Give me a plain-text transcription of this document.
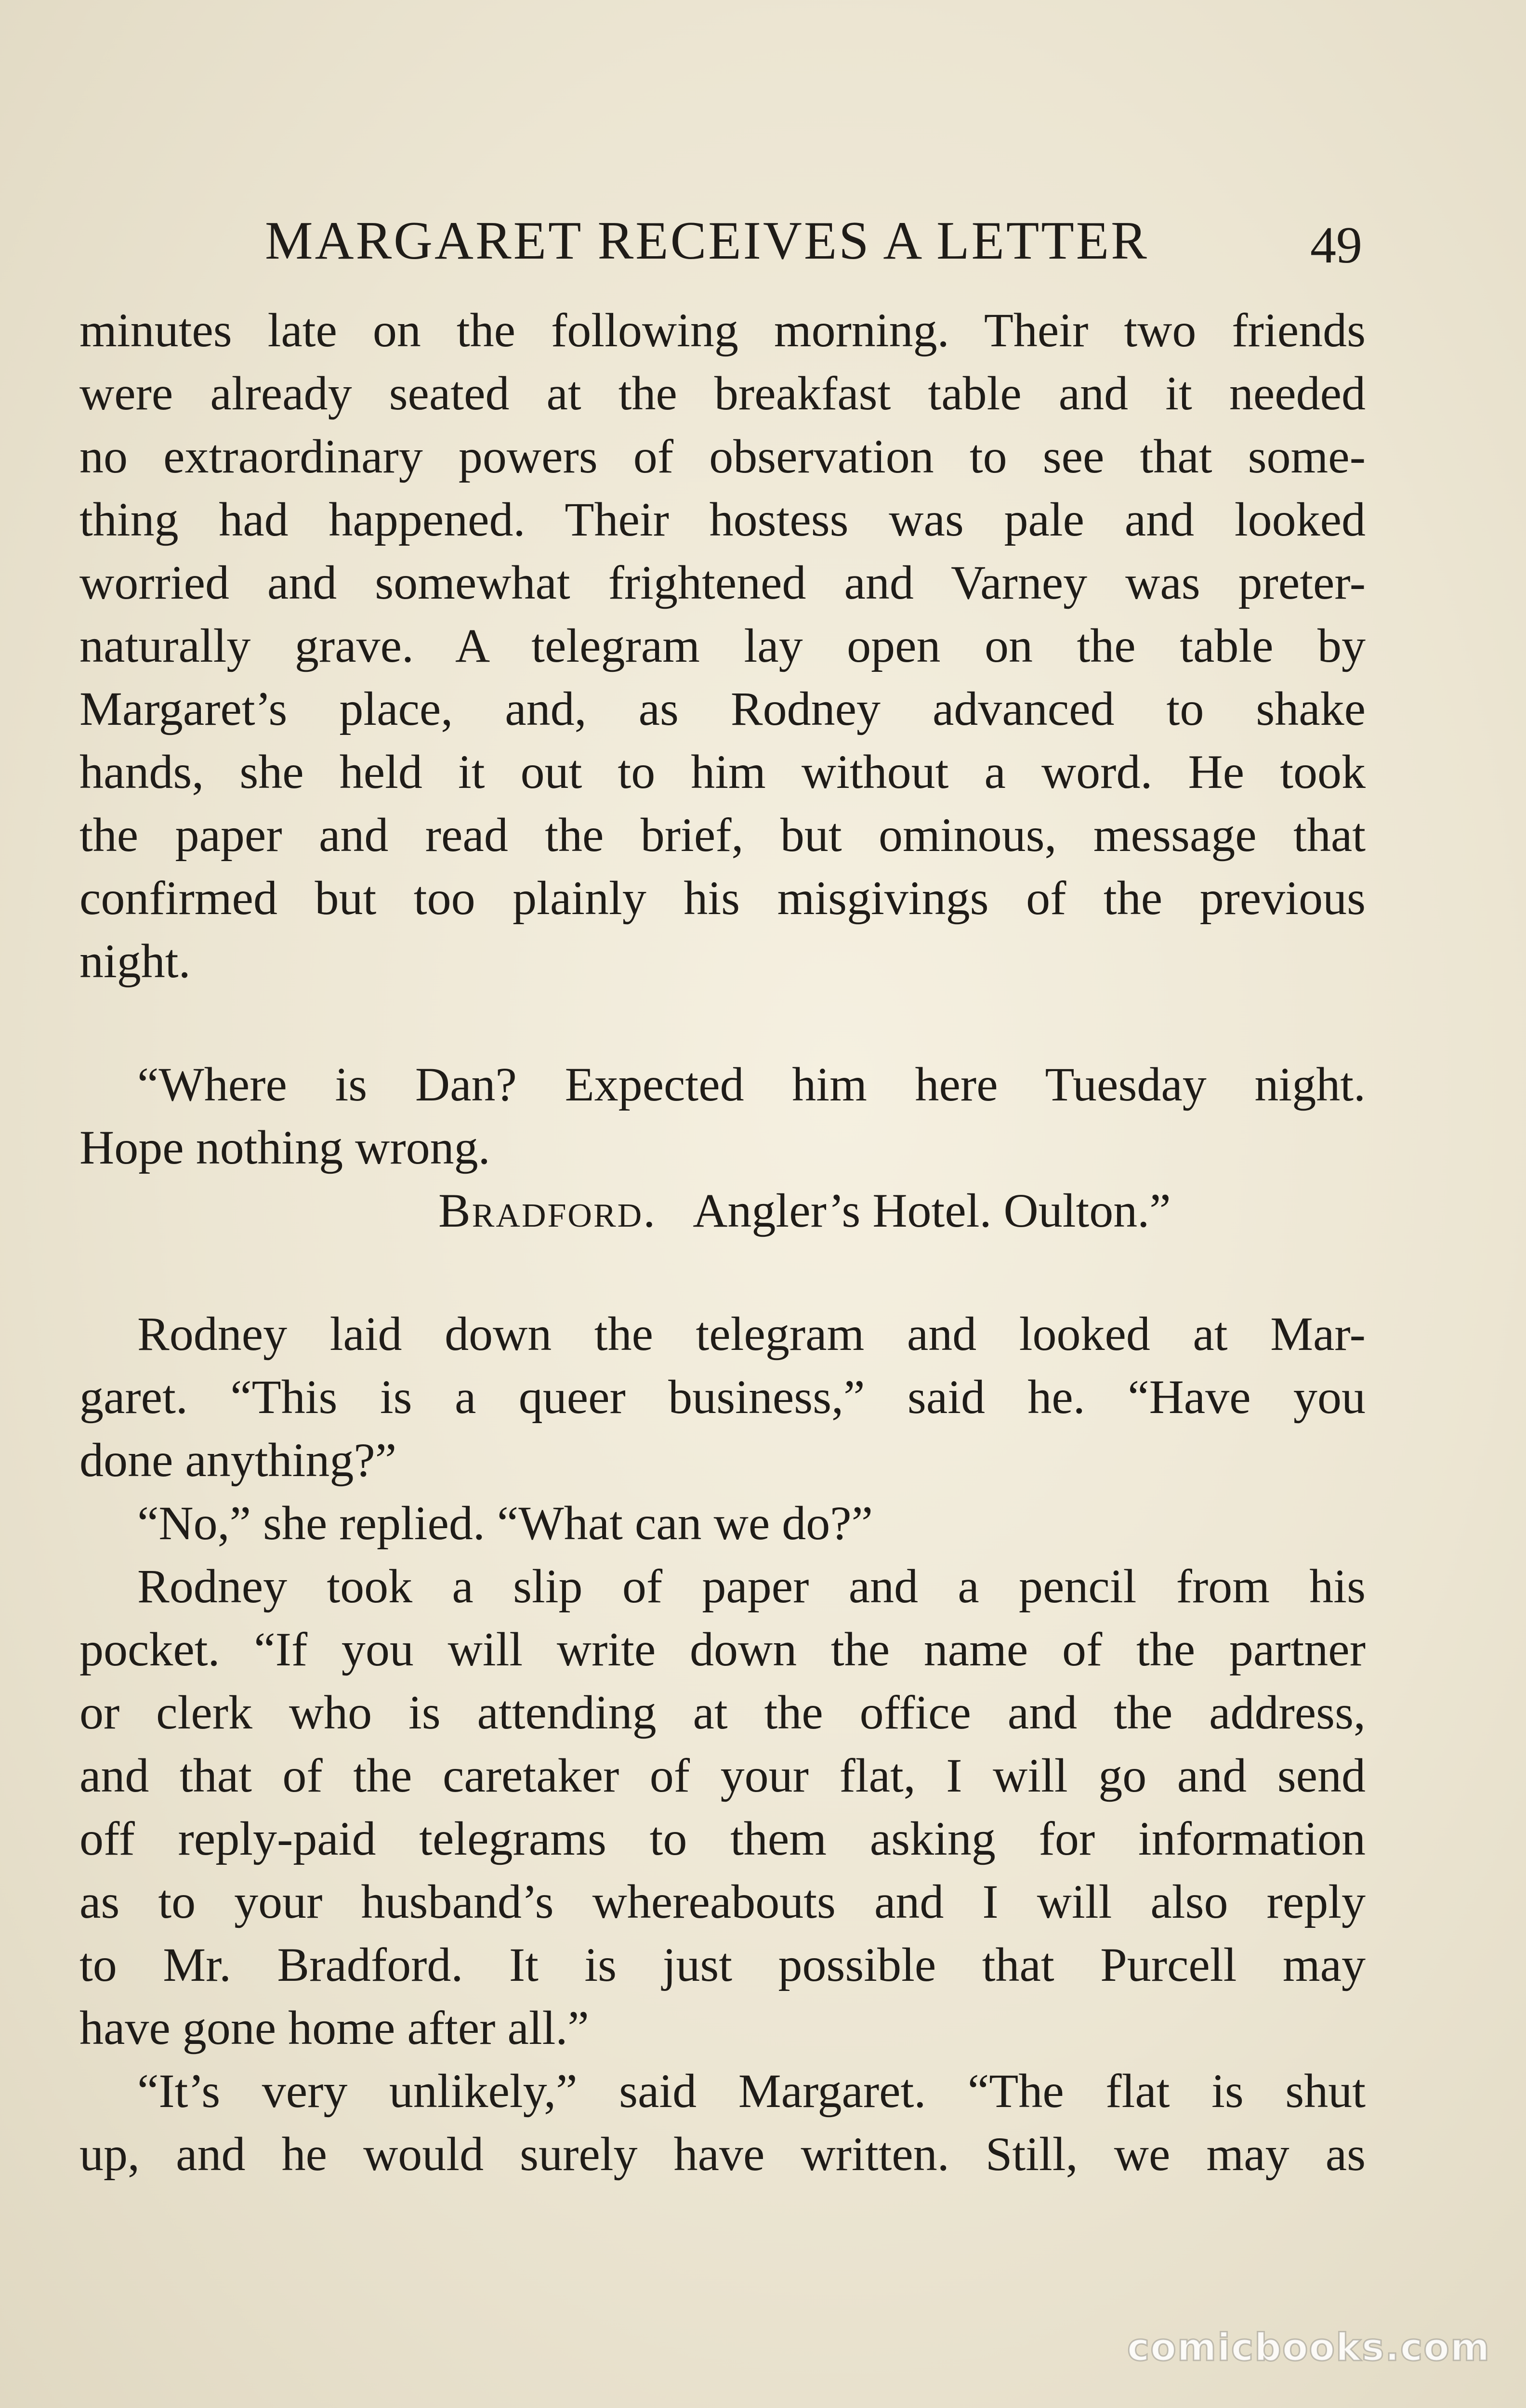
MARGARET RECEIVES A LETTER	49
minutes late on the following morning. Their two friends
were already seated at the breakfast table and it needed
no extraordinary powers of observation to see that some-
thing had happened. Their hostess was pale and looked
worried and somewhat frightened and Varney was preter-
naturally grave. A telegram lay open on the table by
Margaret’s place, and, as Rodney advanced to shake
hands, she held it out to him without a word. He took
the paper and read the brief, but ominous, message that
confirmed but too plainly his misgivings of the previous
night.
“Where is Dan? Expected him here Tuesday night.
Hope nothing wrong.
Bradford. Angler’s Hotel. Oulton.”
Rodney laid down the telegram and looked at Mar-
garet. “This is a queer business,” said he. “Have you
done anything?”
“No,” she replied. “What can we do?”
Rodney took a slip of paper and a pencil from his
pocket. “If you will write down the name of the partner
or clerk who is attending at the office and the address,
and that of the caretaker of your flat, I will go and send
off reply-paid telegrams to them asking for information
as to your husband’s whereabouts and I will also reply
to Mr. Bradford. It is just possible that Purcell may
have gone home after all.”
“It’s very unlikely,” said Margaret. “The flat is shut
up, and he would surely have written. Still, we may as
comicbooks.com
